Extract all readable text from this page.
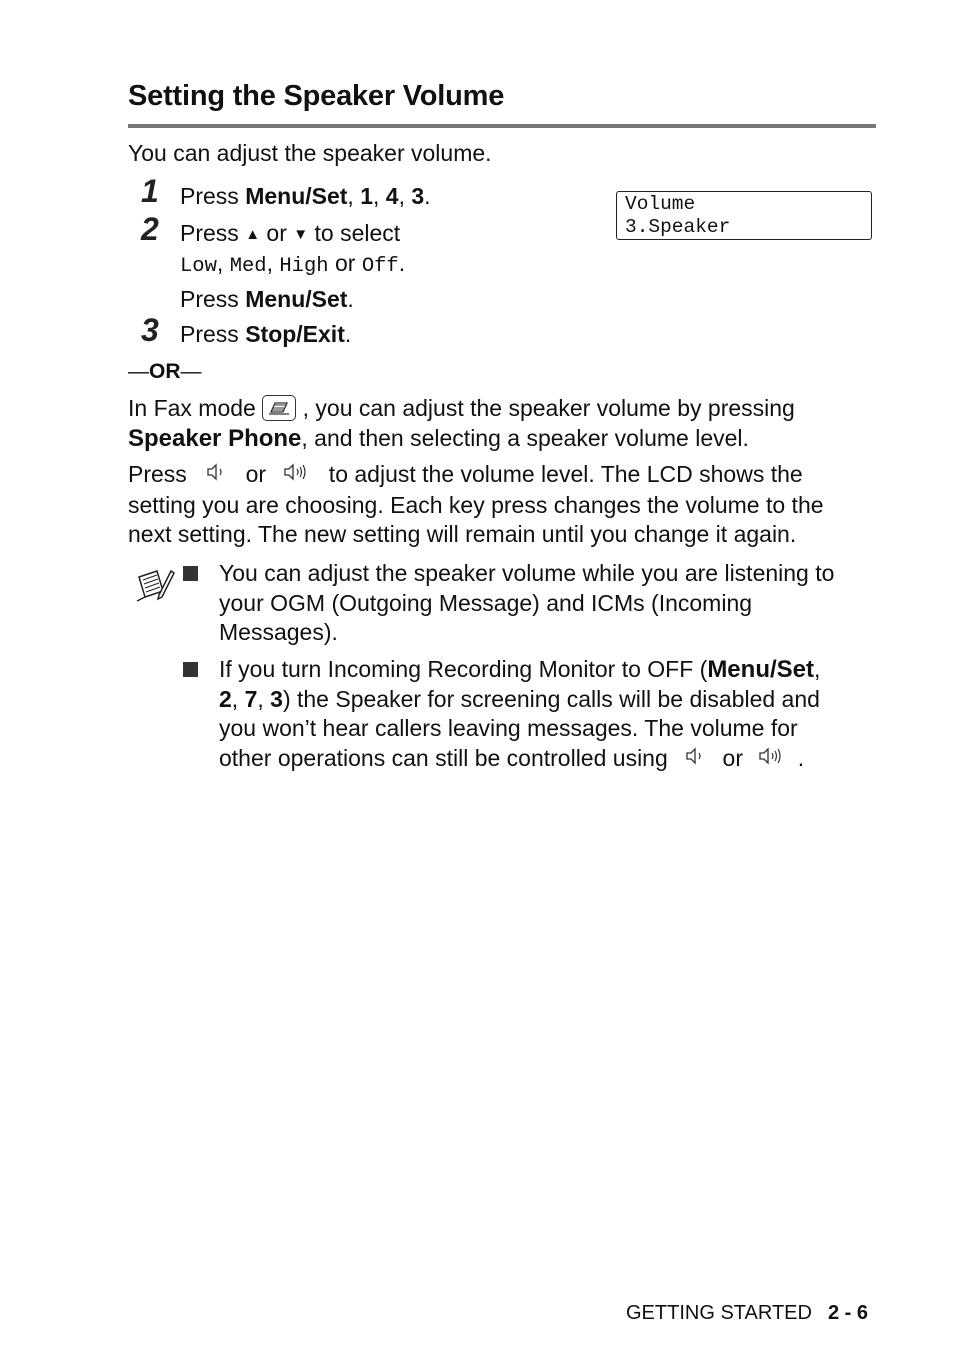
Setting the Speaker Volume
You can adjust the speaker volume.
Volume
3.Speaker
1 Press Menu/Set, 1, 4, 3.
2 Press ▲ or ▼ to select
Low, Med, High or Off.
Press Menu/Set.
3 Press Stop/Exit.
—OR—
In Fax mode  , you can adjust the speaker volume by pressing
Speaker Phone, and then selecting a speaker volume level.
Press  or  to adjust the volume level. The LCD shows the
setting you are choosing. Each key press changes the volume to the
next setting. The new setting will remain until you change it again.
You can adjust the speaker volume while you are listening to
your OGM (Outgoing Message) and ICMs (Incoming
Messages).
If you turn Incoming Recording Monitor to OFF (Menu/Set,
2, 7, 3) the Speaker for screening calls will be disabled and
you won’t hear callers leaving messages. The volume for
other operations can still be controlled using  or  .
GETTING STARTED 2 - 6
